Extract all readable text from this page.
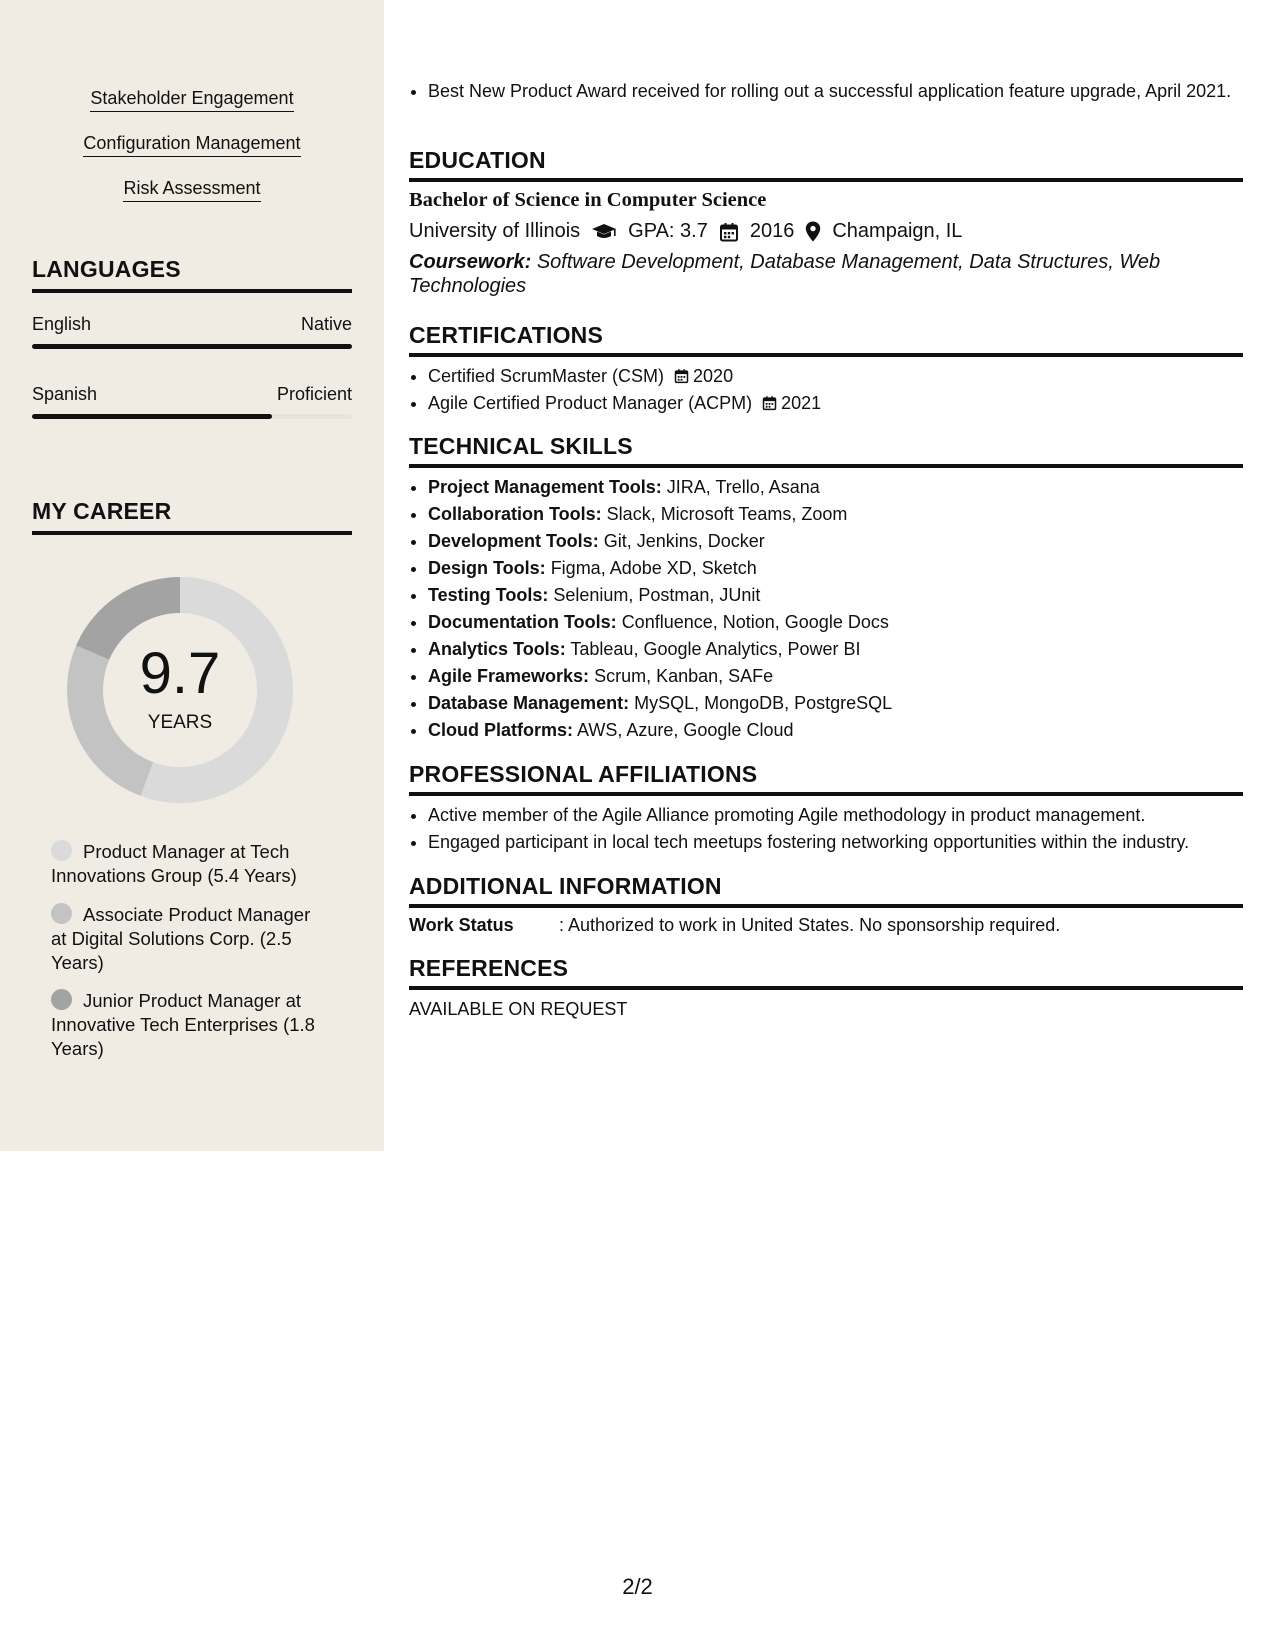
Stakeholder Engagement
Configuration Management
Risk Assessment
LANGUAGES
English	Native
Spanish	Proficient
MY CAREER
9.7
YEARS
Product Manager at Tech Innovations Group (5.4 Years)
Associate Product Manager at Digital Solutions Corp. (2.5 Years)
Junior Product Manager at Innovative Tech Enterprises (1.8 Years)
• Best New Product Award received for rolling out a successful application feature upgrade, April 2021.
EDUCATION
Bachelor of Science in Computer Science
University of Illinois GPA: 3.7 2016 Champaign, IL
Coursework: Software Development, Database Management, Data Structures, Web Technologies
CERTIFICATIONS
• Certified ScrumMaster (CSM) 2020
• Agile Certified Product Manager (ACPM) 2021
TECHNICAL SKILLS
• Project Management Tools: JIRA, Trello, Asana
• Collaboration Tools: Slack, Microsoft Teams, Zoom
• Development Tools: Git, Jenkins, Docker
• Design Tools: Figma, Adobe XD, Sketch
• Testing Tools: Selenium, Postman, JUnit
• Documentation Tools: Confluence, Notion, Google Docs
• Analytics Tools: Tableau, Google Analytics, Power BI
• Agile Frameworks: Scrum, Kanban, SAFe
• Database Management: MySQL, MongoDB, PostgreSQL
• Cloud Platforms: AWS, Azure, Google Cloud
PROFESSIONAL AFFILIATIONS
• Active member of the Agile Alliance promoting Agile methodology in product management.
• Engaged participant in local tech meetups fostering networking opportunities within the industry.
ADDITIONAL INFORMATION
Work Status	: Authorized to work in United States. No sponsorship required.
REFERENCES
AVAILABLE ON REQUEST
2/2
